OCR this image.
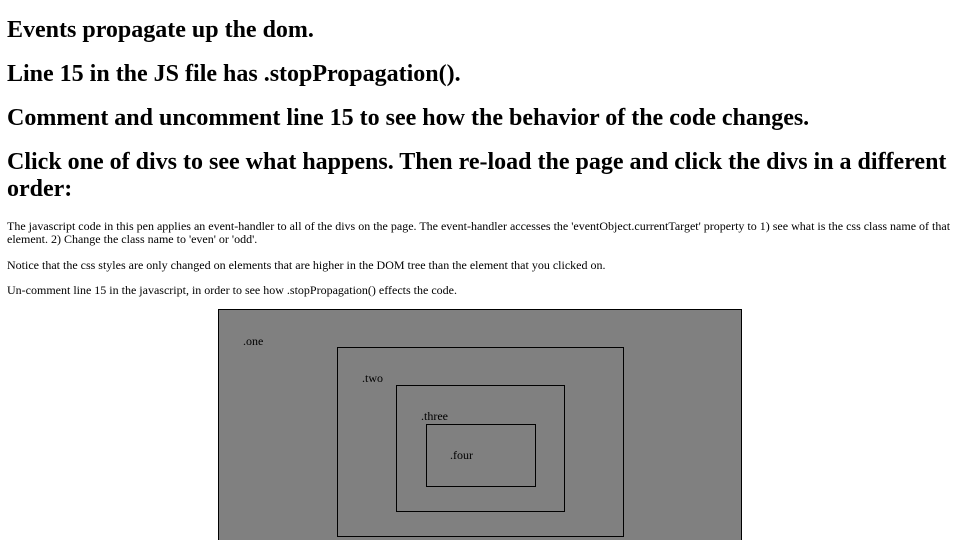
Events propagate up the dom.
Line 15 in the JS file has .stopPropagation().
Comment and uncomment line 15 to see how the behavior of the code changes.
Click one of divs to see what happens. Then re-load the page and click the divs in a different order:

The javascript code in this pen applies an event-handler to all of the divs on the page. The event-handler accesses the 'eventObject.currentTarget' property to 1) see what is the css class name of that element. 2) Change the class name to 'even' or 'odd'.

Notice that the css styles are only changed on elements that are higher in the DOM tree than the element that you clicked on.

Un-comment line 15 in the javascript, in order to see how .stopPropagation() effects the code.

.one
.two
.three
.four
